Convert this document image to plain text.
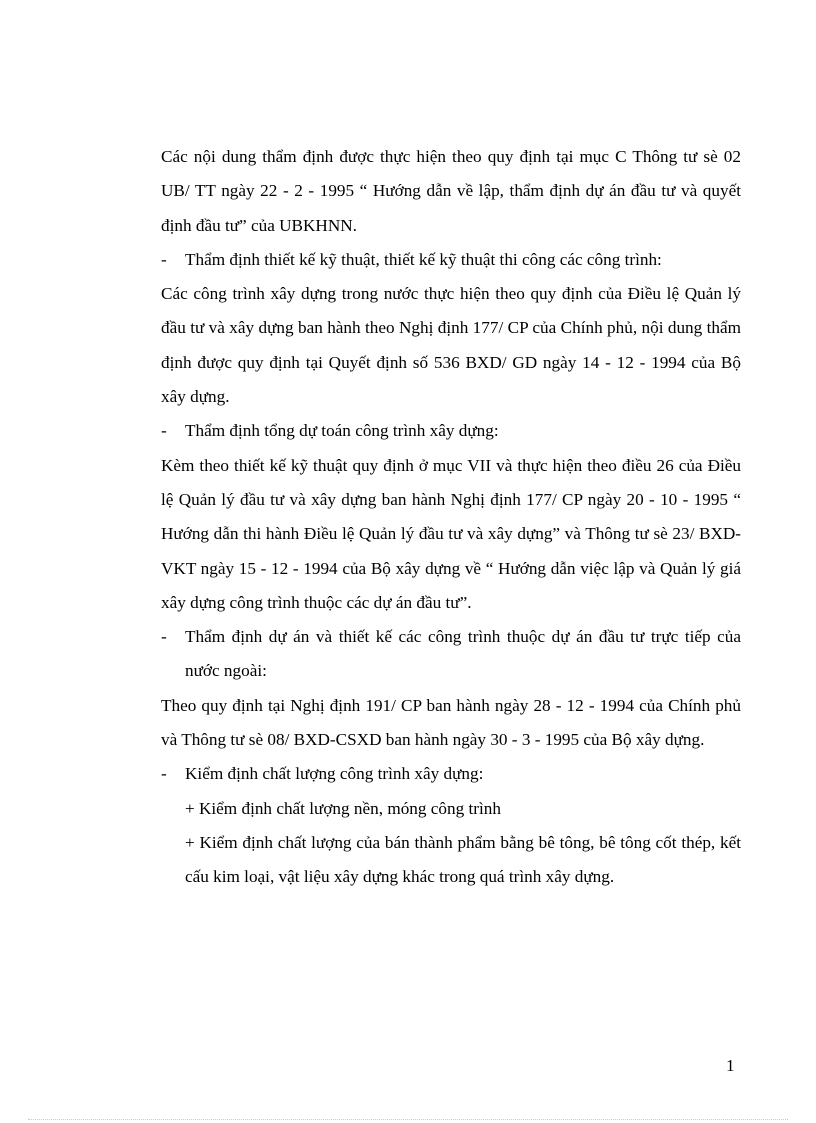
Các nội dung thẩm định được thực hiện theo quy định tại mục C Thông tư sè 02 UB/ TT ngày 22 - 2 - 1995 “ Hướng dẫn về lập, thẩm định dự án đầu tư và quyết định đầu tư” của UBKHNN.

- Thẩm định thiết kế kỹ thuật, thiết kế kỹ thuật thi công các công trình:

Các công trình xây dựng trong nước thực hiện theo quy định của Điều lệ Quản lý đầu tư và xây dựng ban hành theo Nghị định 177/ CP của Chính phủ, nội dung thẩm định được quy định tại Quyết định số 536 BXD/ GD ngày 14 - 12 - 1994 của Bộ xây dựng.

- Thẩm định tổng dự toán công trình xây dựng:

Kèm theo thiết kế kỹ thuật quy định ở mục VII và thực hiện theo điều 26 của Điều lệ Quản lý đầu tư và xây dựng ban hành Nghị định 177/ CP ngày 20 - 10 - 1995 “ Hướng dẫn thi hành Điều lệ Quản lý đầu tư và xây dựng” và Thông tư sè 23/ BXD-VKT ngày 15 - 12 - 1994 của Bộ xây dựng về “ Hướng dẫn việc lập và Quản lý giá xây dựng công trình thuộc các dự án đầu tư”.

- Thẩm định dự án và thiết kế các công trình thuộc dự án đầu tư trực tiếp của nước ngoài:

Theo quy định tại Nghị định 191/ CP ban hành ngày 28 - 12 - 1994 của Chính phủ và Thông tư sè 08/ BXD-CSXD ban hành ngày 30 - 3 - 1995 của Bộ xây dựng.

- Kiểm định chất lượng công trình xây dựng:

+ Kiểm định chất lượng nền, móng công trình

+ Kiểm định chất lượng của bán thành phẩm bằng bê tông, bê tông cốt thép, kết cấu kim loại, vật liệu xây dựng khác trong quá trình xây dựng.

1
